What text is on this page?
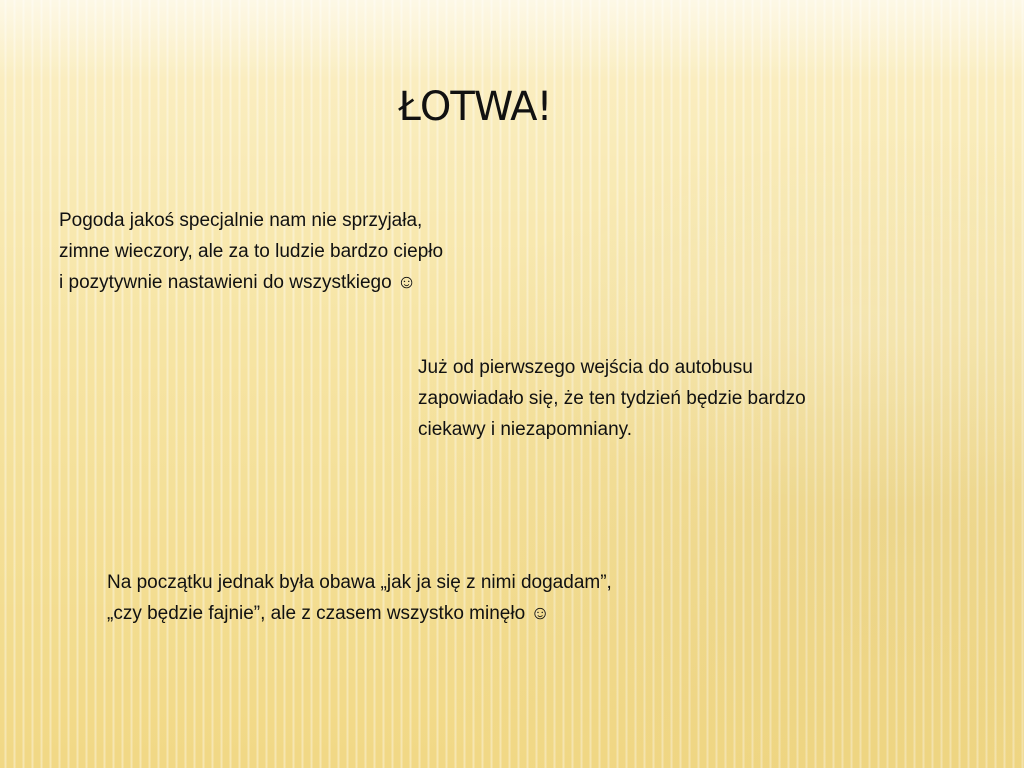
ŁOTWA!
Pogoda jakoś specjalnie nam nie sprzyjała,
zimne wieczory, ale za to ludzie bardzo ciepło
i pozytywnie nastawieni do wszystkiego ☺
Już od pierwszego wejścia do autobusu
zapowiadało się, że ten tydzień będzie bardzo
ciekawy i niezapomniany.
Na początku jednak była obawa „jak ja się z nimi dogadam”,
„czy będzie fajnie”, ale z czasem wszystko minęło ☺
